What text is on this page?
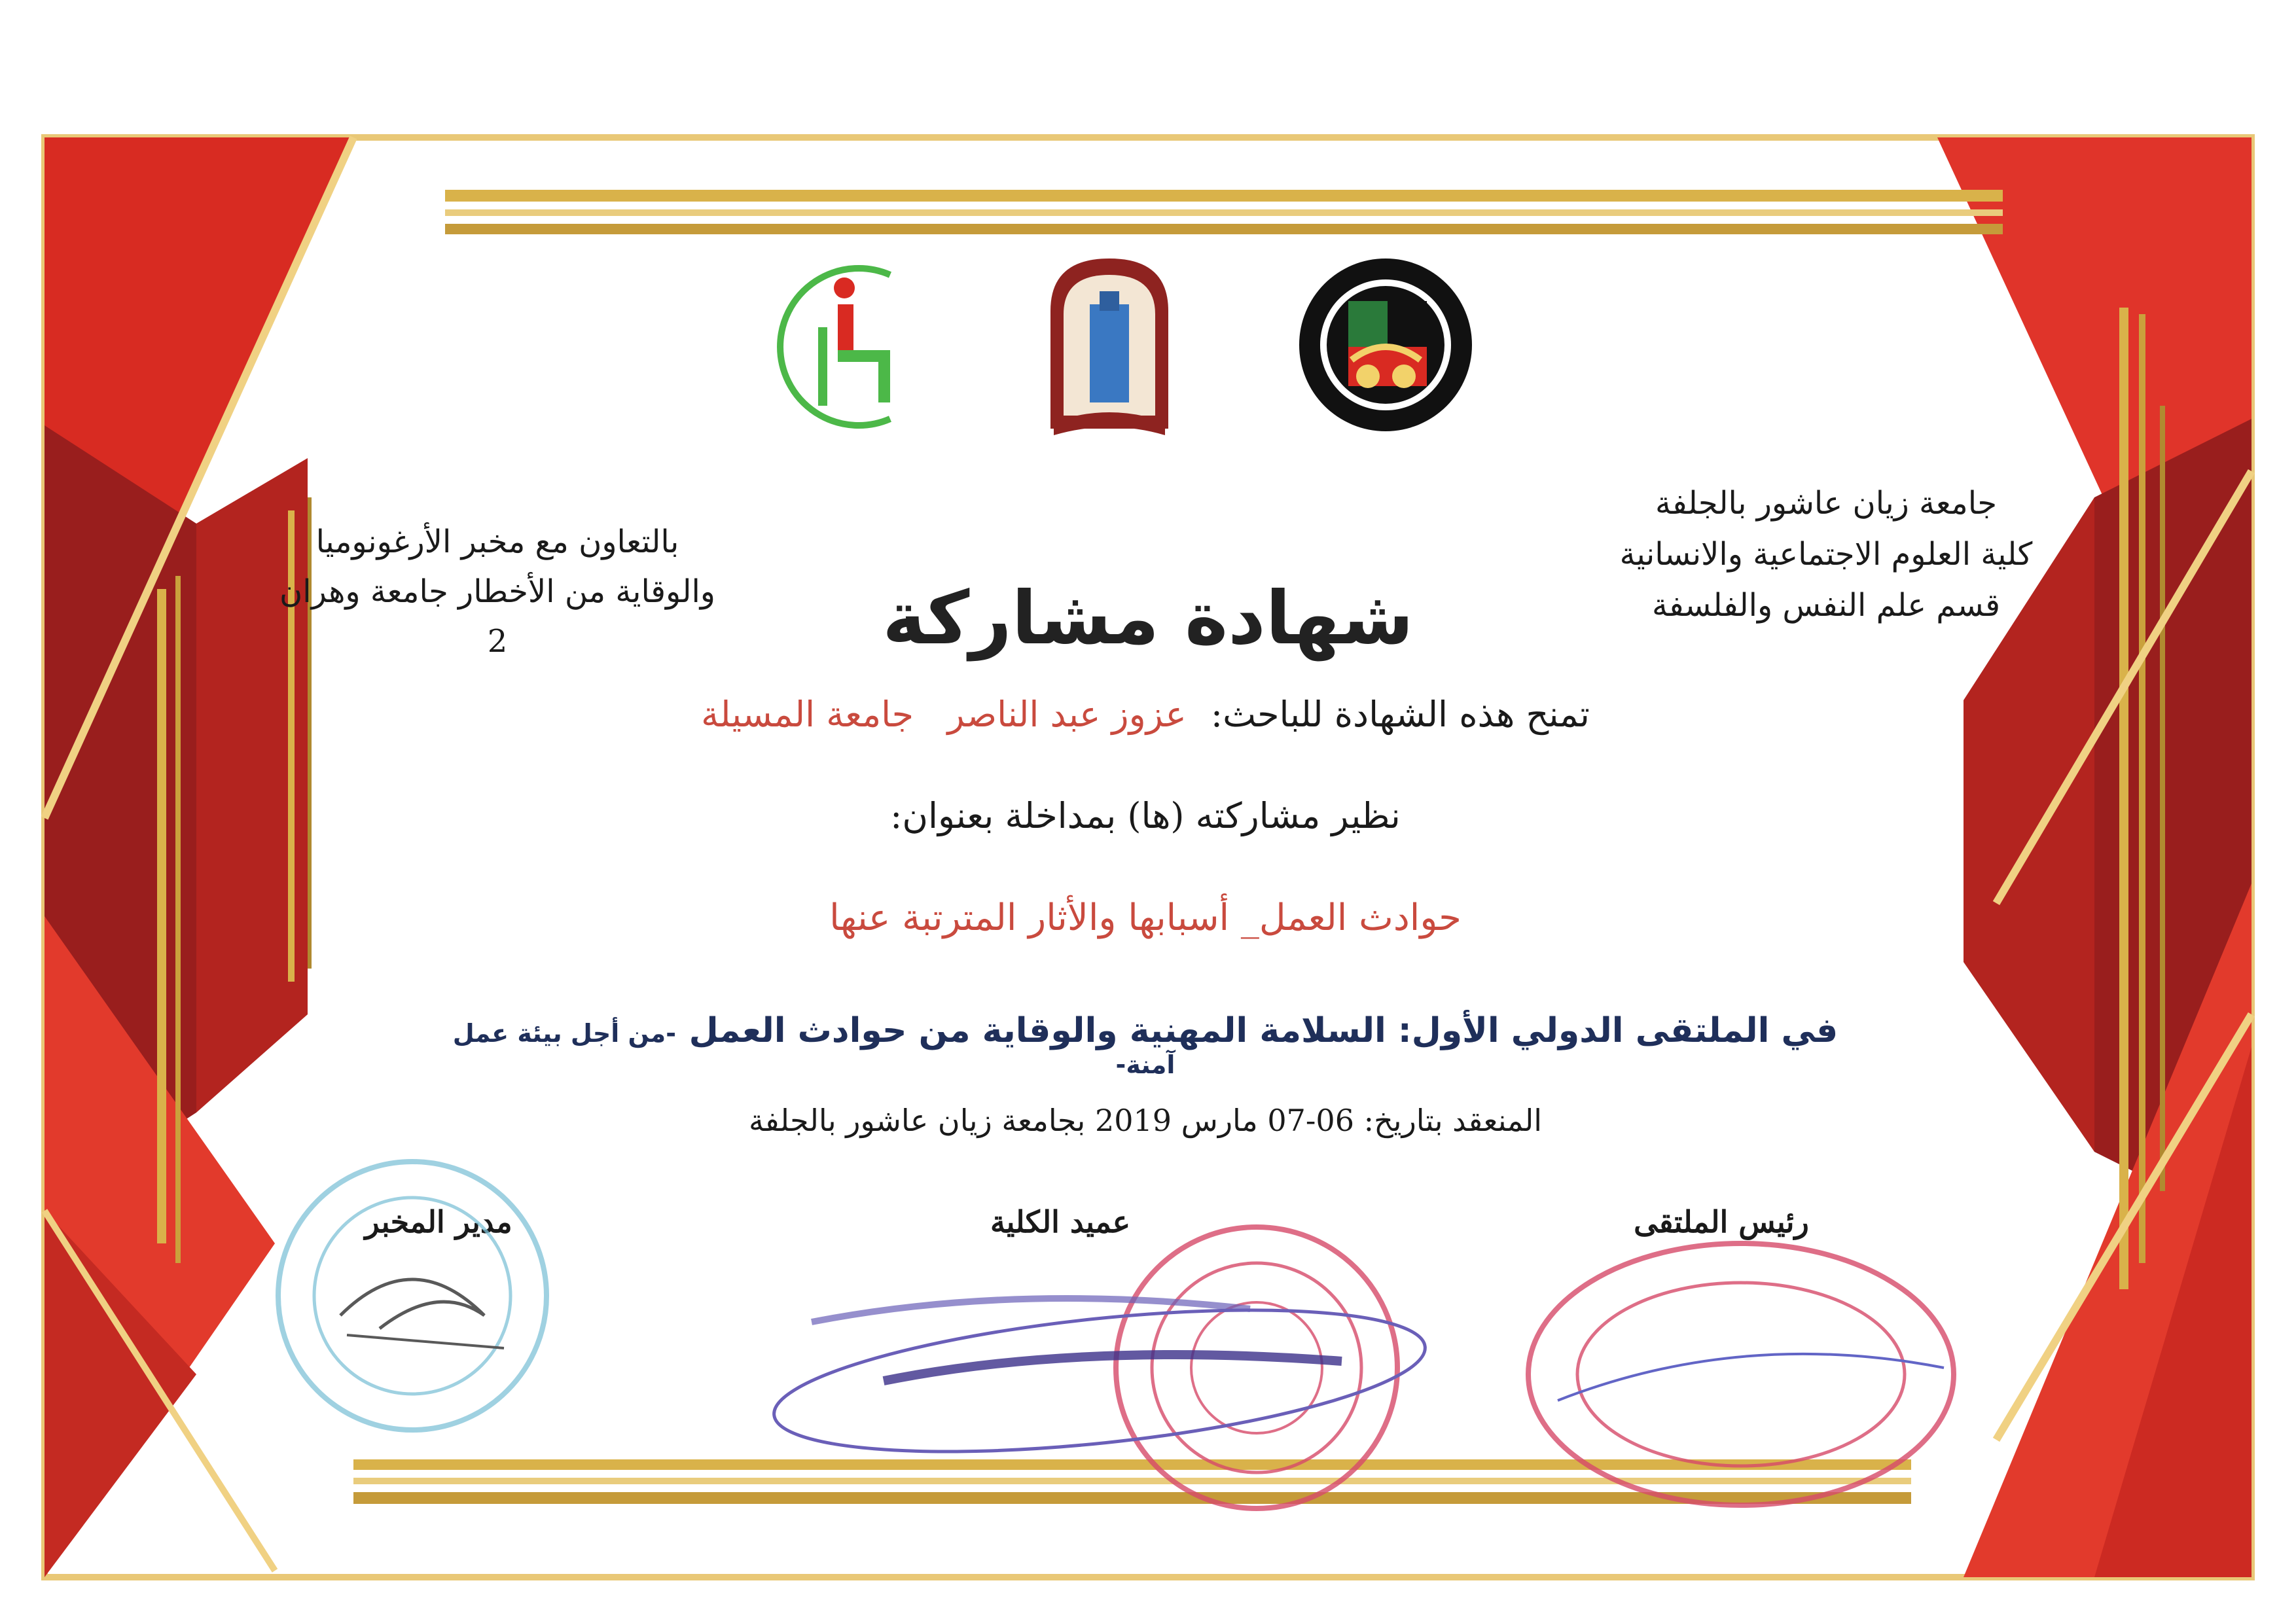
بالتعاون مع مخبر الأرغونوميا
والوقاية من الأخطار جامعة وهران 2
جامعة زيان عاشور بالجلفة
كلية العلوم الاجتماعية والانسانية
قسم علم النفس والفلسفة
شهادة مشاركة
تمنح هذه الشهادة للباحث: عزوز عبد الناصر   جامعة المسيلة
نظير مشاركته (ها) بمداخلة بعنوان:
حوادث العمل_ أسبابها والأثار المترتبة عنها
في الملتقى الدولي الأول: السلامة المهنية والوقاية من حوادث العمل -من أجل بيئة عمل آمنة-
المنعقد بتاريخ: 06-07 مارس 2019 بجامعة زيان عاشور بالجلفة
مدير المخبر	عميد الكلية	رئيس الملتقى
